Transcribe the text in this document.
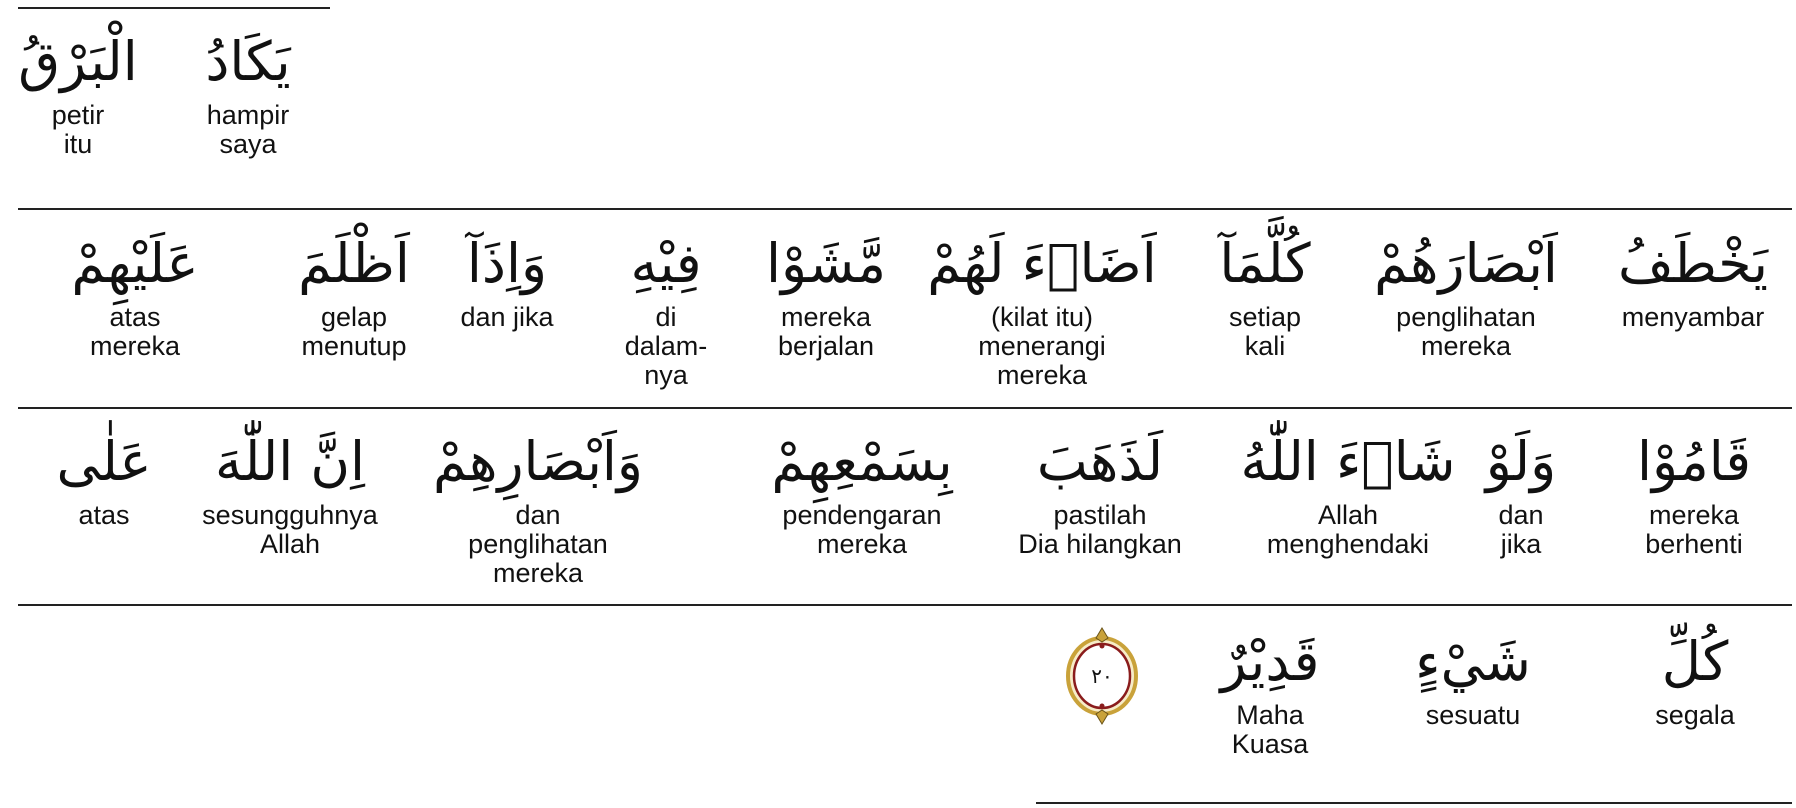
يَكَادُ
hampir
saya
الْبَرْقُ
petir
itu
يَخْطَفُ
menyambar
اَبْصَارَهُمْ
penglihatan
mereka
كُلَّمَآ
setiap
kali
اَضَاۤءَ لَهُمْ
(kilat itu)
menerangi
mereka
مَّشَوْا
mereka
berjalan
فِيْهِ
di
dalam-
nya
وَاِذَآ
dan jika
اَظْلَمَ
gelap
menutup
عَلَيْهِمْ
atas
mereka
قَامُوْا
mereka
berhenti
وَلَوْ
dan
jika
شَاۤءَ اللّٰهُ
Allah
menghendaki
لَذَهَبَ
pastilah
Dia hilangkan
بِسَمْعِهِمْ
pendengaran
mereka
وَاَبْصَارِهِمْ
dan
penglihatan
mereka
اِنَّ اللّٰهَ
sesungguhnya
Allah
عَلٰى
atas
كُلِّ
segala
شَيْءٍ
sesuatu
قَدِيْرٌ
Maha
Kuasa
٢٠
